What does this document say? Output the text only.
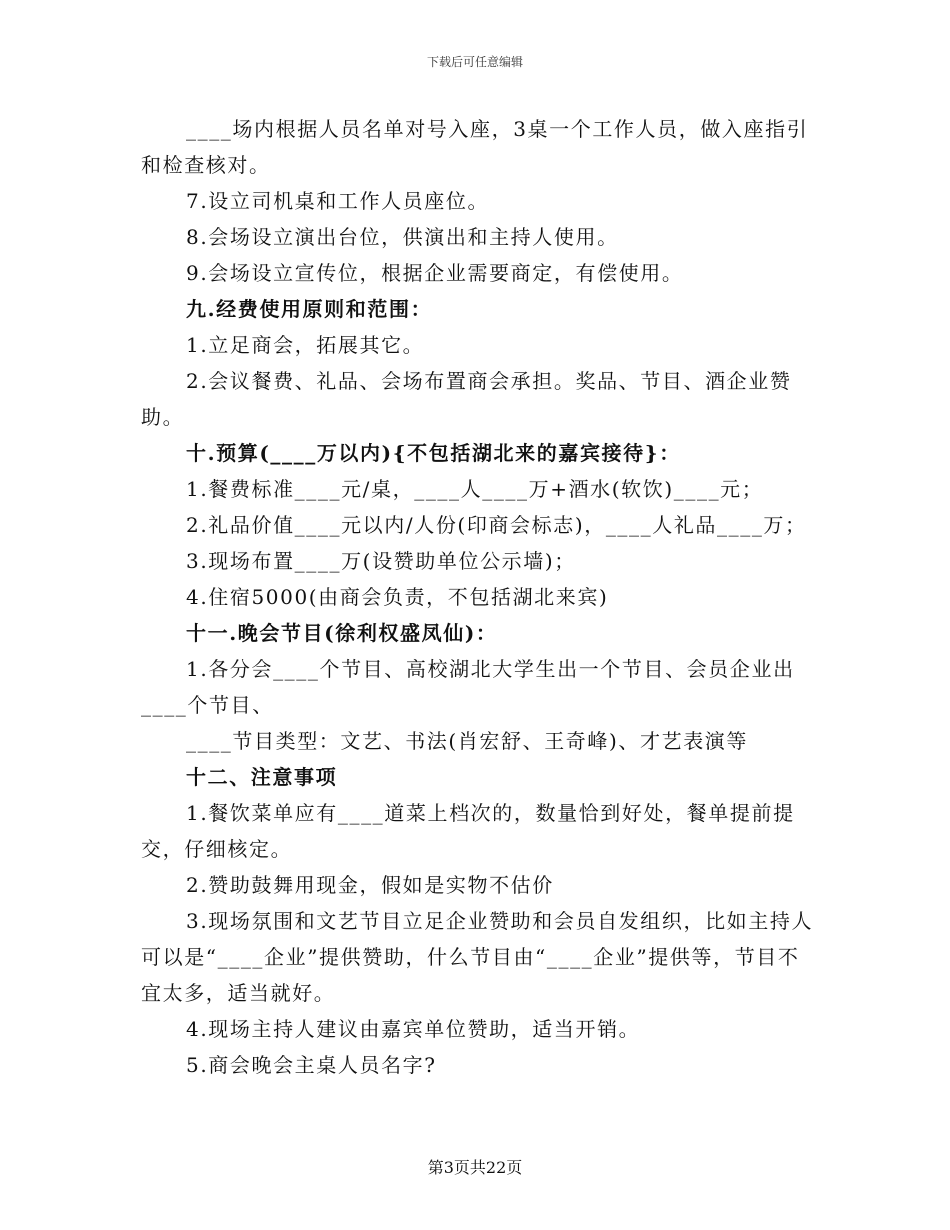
下载后可任意编辑

____场内根据人员名单对号入座，3桌一个工作人员，做入座指引和检查核对。

7.设立司机桌和工作人员座位。

8.会场设立演出台位，供演出和主持人使用。

9.会场设立宣传位，根据企业需要商定，有偿使用。

九.经费使用原则和范围：

1.立足商会，拓展其它。

2.会议餐费、礼品、会场布置商会承担。奖品、节目、酒企业赞助。

十.预算(____万以内){不包括湖北来的嘉宾接待}：

1.餐费标准____元/桌，____人____万+酒水(软饮)____元；

2.礼品价值____元以内/人份(印商会标志)，____人礼品____万；

3.现场布置____万(设赞助单位公示墙)；

4.住宿5000(由商会负责，不包括湖北来宾)

十一.晚会节目(徐利权盛凤仙)：

1.各分会____个节目、高校湖北大学生出一个节目、会员企业出____个节目、

____节目类型：文艺、书法(肖宏舒、王奇峰)、才艺表演等

十二、注意事项

1.餐饮菜单应有____道菜上档次的，数量恰到好处，餐单提前提交，仔细核定。

2.赞助鼓舞用现金，假如是实物不估价

3.现场氛围和文艺节目立足企业赞助和会员自发组织，比如主持人可以是“____企业”提供赞助，什么节目由“____企业”提供等，节目不宜太多，适当就好。

4.现场主持人建议由嘉宾单位赞助，适当开销。

5.商会晚会主桌人员名字?

第3页共22页
